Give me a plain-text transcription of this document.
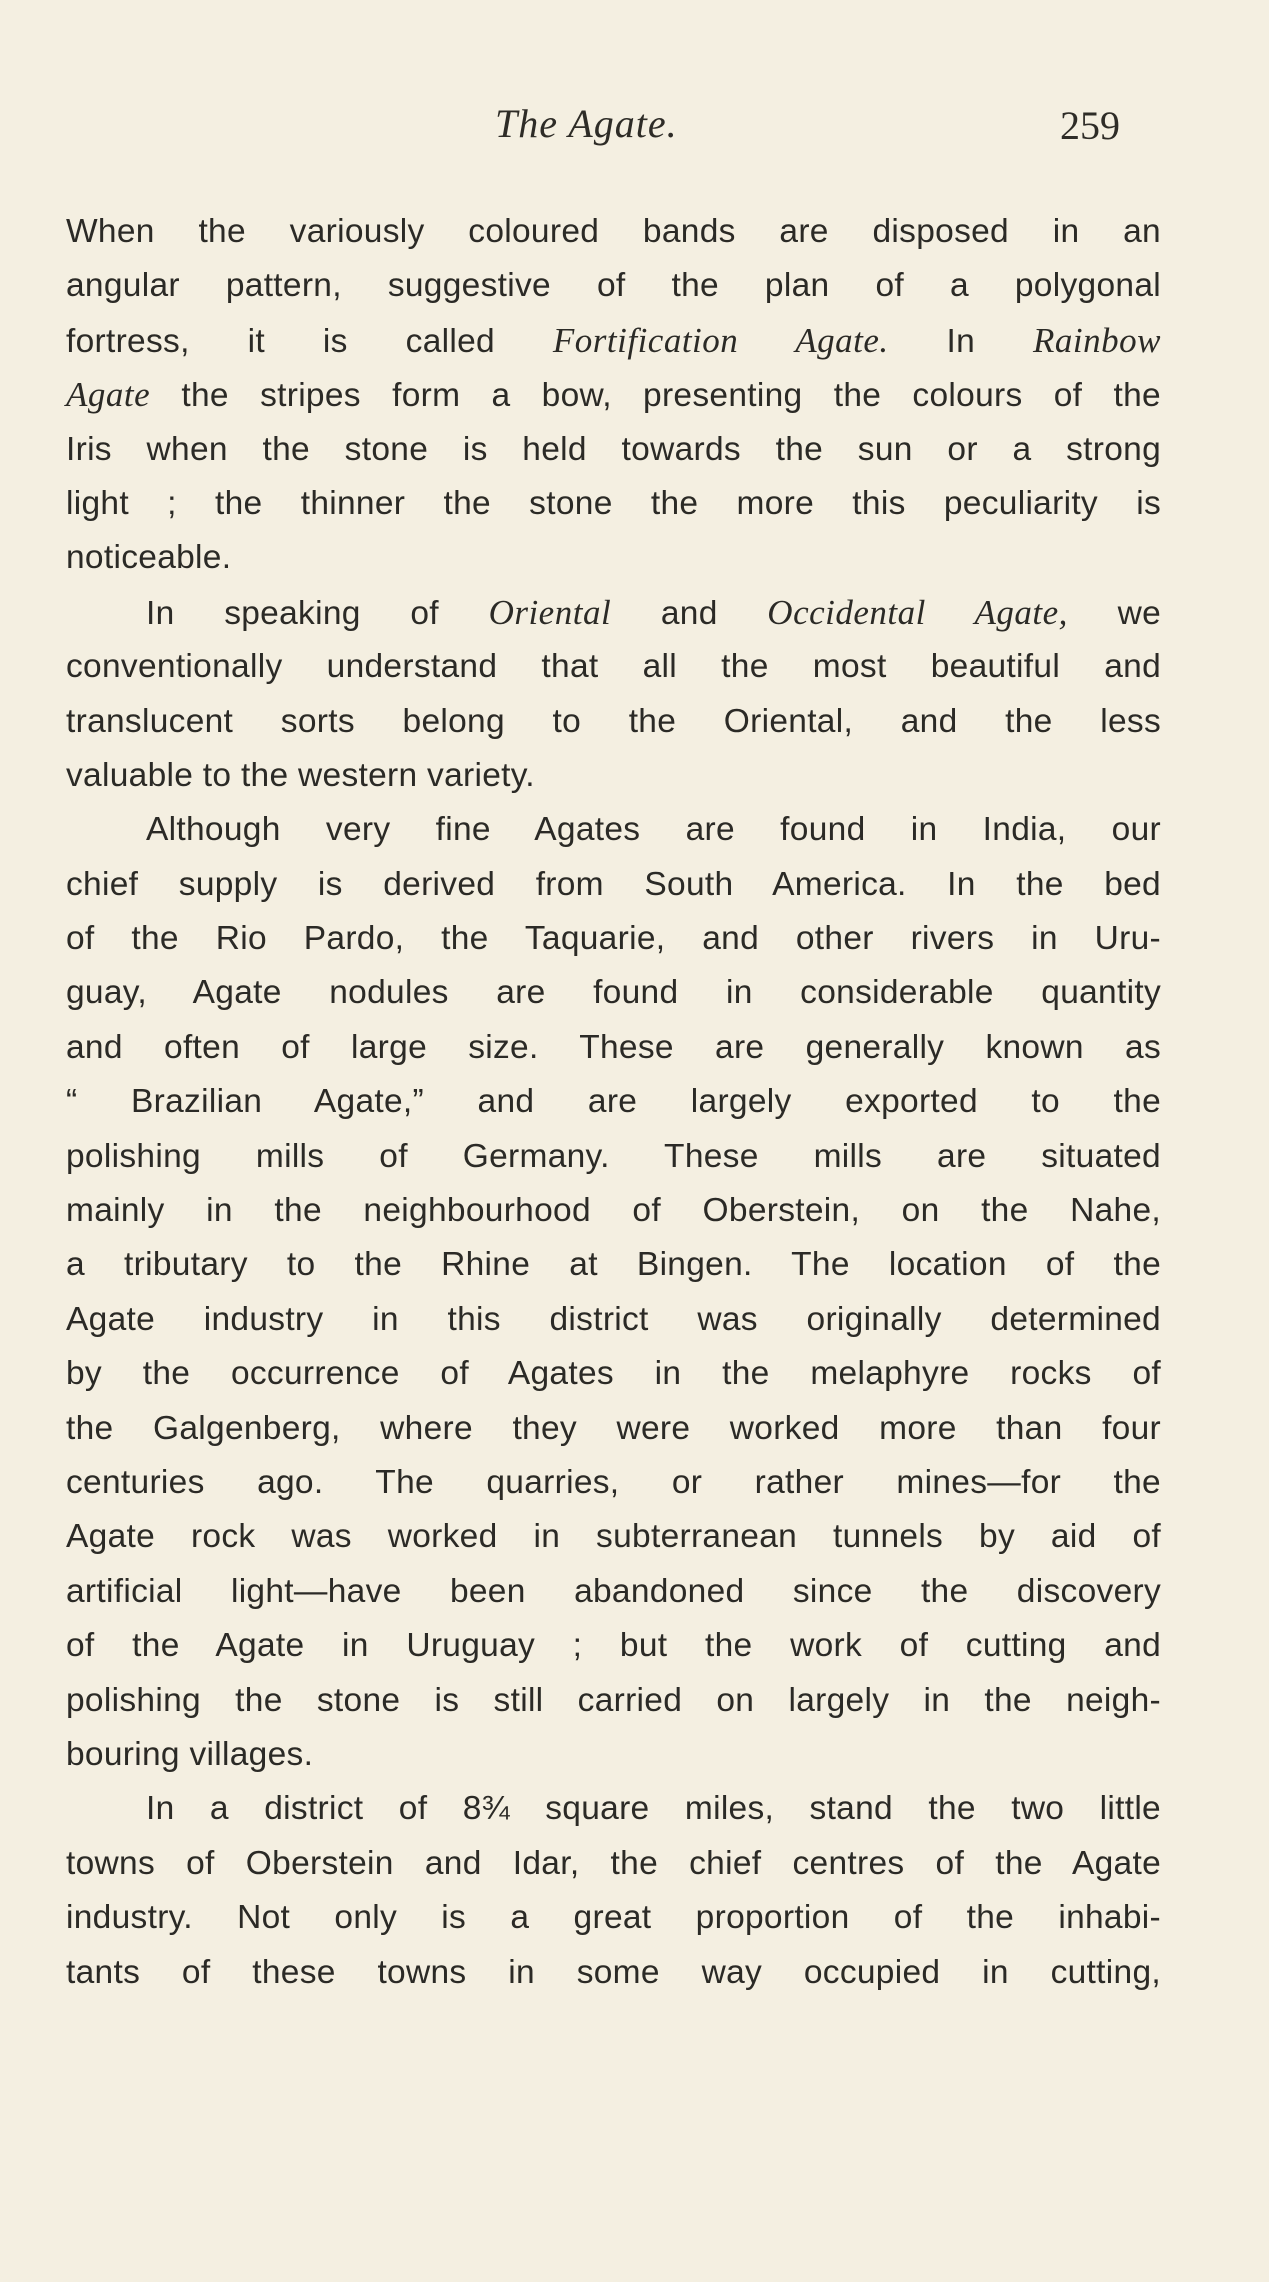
The Agate.	259
When the variously coloured bands are disposed in an
angular pattern, suggestive of the plan of a polygonal
fortress, it is called Fortification Agate. In Rainbow
Agate the stripes form a bow, presenting the colours of the
Iris when the stone is held towards the sun or a strong
light ; the thinner the stone the more this peculiarity is
noticeable.
In speaking of Oriental and Occidental Agate, we
conventionally understand that all the most beautiful and
translucent sorts belong to the Oriental, and the less
valuable to the western variety.
Although very fine Agates are found in India, our
chief supply is derived from South America. In the bed
of the Rio Pardo, the Taquarie, and other rivers in Uru-
guay, Agate nodules are found in considerable quantity
and often of large size. These are generally known as
“ Brazilian Agate,” and are largely exported to the
polishing mills of Germany. These mills are situated
mainly in the neighbourhood of Oberstein, on the Nahe,
a tributary to the Rhine at Bingen. The location of the
Agate industry in this district was originally determined
by the occurrence of Agates in the melaphyre rocks of
the Galgenberg, where they were worked more than four
centuries ago. The quarries, or rather mines—for the
Agate rock was worked in subterranean tunnels by aid of
artificial light—have been abandoned since the discovery
of the Agate in Uruguay ; but the work of cutting and
polishing the stone is still carried on largely in the neigh-
bouring villages.
In a district of 8¾ square miles, stand the two little
towns of Oberstein and Idar, the chief centres of the Agate
industry. Not only is a great proportion of the inhabi-
tants of these towns in some way occupied in cutting,
